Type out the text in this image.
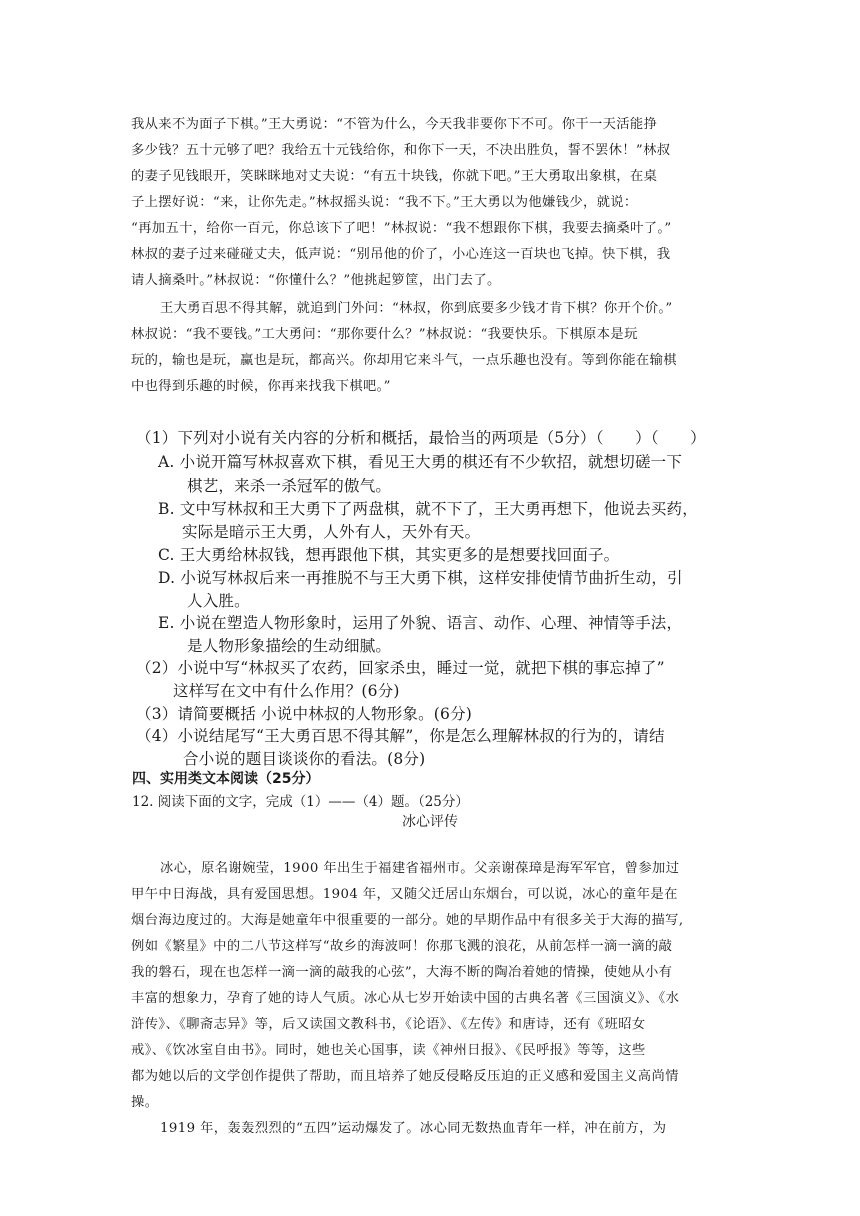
我从来不为面子下棋。”王大勇说：“不管为什么，今天我非要你下不可。你干一天活能挣
多少钱？五十元够了吧？我给五十元钱给你，和你下一天，不决出胜负，誓不罢休！”林叔
的妻子见钱眼开，笑眯眯地对丈夫说：“有五十块钱，你就下吧。”王大勇取出象棋，在桌
子上摆好说：“来，让你先走。”林叔摇头说：“我不下。”王大勇以为他嫌钱少，就说：
“再加五十，给你一百元，你总该下了吧！”林叔说：“我不想跟你下棋，我要去摘桑叶了。”
林叔的妻子过来碰碰丈夫，低声说：“别吊他的价了，小心连这一百块也飞掉。快下棋，我
请人摘桑叶。”林叔说：“你懂什么？”他挑起箩筐，出门去了。
王大勇百思不得其解，就追到门外问：“林叔，你到底要多少钱才肯下棋？你开个价。”
林叔说：“我不要钱。”工大勇问：“那你要什么？”林叔说：“我要快乐。下棋原本是玩
玩的，输也是玩，赢也是玩，都高兴。你却用它来斗气，一点乐趣也没有。等到你能在输棋
中也得到乐趣的时候，你再来找我下棋吧。”
（1）下列对小说有关内容的分析和概括，最恰当的两项是（5分）（　　）（　　）
A. 小说开篇写林叔喜欢下棋，看见王大勇的棋还有不少软招，就想切磋一下
棋艺，来杀一杀冠军的傲气。
B. 文中写林叔和王大勇下了两盘棋，就不下了，王大勇再想下，他说去买药，
实际是暗示王大勇，人外有人，天外有天。
C. 王大勇给林叔钱，想再跟他下棋，其实更多的是想要找回面子。
D. 小说写林叔后来一再推脱不与王大勇下棋，这样安排使情节曲折生动，引
人入胜。
E. 小说在塑造人物形象时，运用了外貌、语言、动作、心理、神情等手法，
是人物形象描绘的生动细腻。
（2）小说中写“林叔买了农药，回家杀虫，睡过一觉，就把下棋的事忘掉了”
这样写在文中有什么作用？(6分)
（3）请简要概括 小说中林叔的人物形象。(6分)
（4）小说结尾写“王大勇百思不得其解”，你是怎么理解林叔的行为的，请结
合小说的题目谈谈你的看法。(8分)
四、实用类文本阅读（25分）
12. 阅读下面的文字，完成（1）——（4）题。（25分）
冰心评传
冰心，原名谢婉莹，1900 年出生于福建省福州市。父亲谢葆璋是海军军官，曾参加过
甲午中日海战，具有爱国思想。1904 年，又随父迁居山东烟台，可以说，冰心的童年是在
烟台海边度过的。大海是她童年中很重要的一部分。她的早期作品中有很多关于大海的描写,
例如《繁星》中的二八节这样写“故乡的海波呵！你那飞溅的浪花，从前怎样一滴一滴的敲
我的磐石，现在也怎样一滴一滴的敲我的心弦”，大海不断的陶冶着她的情操，使她从小有
丰富的想象力，孕育了她的诗人气质。冰心从七岁开始读中国的古典名著《三国演义》、《水
浒传》、《聊斋志异》等，后又读国文教科书，《论语》、《左传》和唐诗，还有《班昭女
戒》、《饮冰室自由书》。同时，她也关心国事，读《神州日报》、《民呼报》等等，这些
都为她以后的文学创作提供了帮助，而且培养了她反侵略反压迫的正义感和爱国主义高尚情
操。
1919 年，轰轰烈烈的“五四”运动爆发了。冰心同无数热血青年一样，冲在前方，为
